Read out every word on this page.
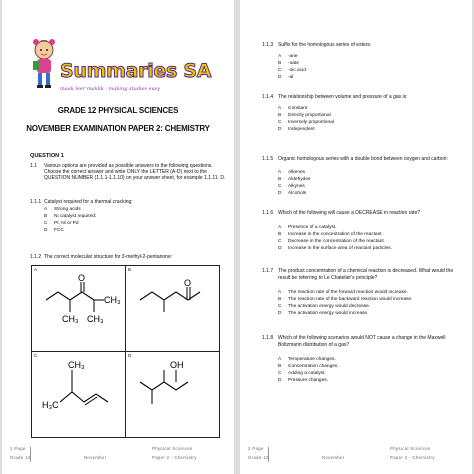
Summaries SA
maak leer maklik - making studies easy
GRADE 12 PHYSICAL SCIENCES
NOVEMBER EXAMINATION PAPER 2: CHEMISTRY
QUESTION 1
1.1 Various options are provided as possible answers to the following questions.
Choose the correct answer and write ONLY the LETTER (A-D) next to the
QUESTION NUMBER (1.1.1-1.1.10) on your answer sheet, for example 1.1.11. D.
1.1.1 Catalyst required for a thermal cracking:
A Strong acids
B Ni catalyst required:
C Pt, Ni or Pd
D FCC
1.1.2 The correct molecular structure for 3-methyl-2-pentanone:
A
O
CH₃ CH₃
CH₃	B
O

C
CH₃
H₃C	D
OH
1 Page	Physical Sciences
Grade 12	November	Paper 2 - Chemistry
1.1.3 Suffix for the homologous series of esters:
A -ane
B -oate
C -oic acid
D -al
1.1.4 The relationship between volume and pressure of a gas is:
A Constant
B Directly proportional
C Inversely proportional
D Independent
1.1.5 Organic homologous series with a double bond between oxygen and carbon:
A Alkenes
B Aldehydes
C Alkynes
D Alcohols
1.1.6 Which of the following will cause a DECREASE in reaction rate?
A Presence of a catalyst.
B Increase in the concentration of the reactant.
C Decrease in the concentration of the reactant.
D Increase in the surface area of reactant particles.
1.1.7 The product concentration of a chemical reaction is decreased. What would the
result be referring to Le Chatelier's principle?
A The reaction rate of the forward reaction would increase.
B The reaction rate of the backward reaction would increase.
C The activation energy would decrease.
D The activation energy would increase.
1.1.8 Which of the following scenarios would NOT cause a change in the Maxwell
Boltzmann distribution of a gas?
A Temperature changes.
B Concentration changes.
C Adding a catalyst.
D Pressure changes.
2 Page	Physical Sciences
Grade 12	November	Paper 2 - Chemistry
